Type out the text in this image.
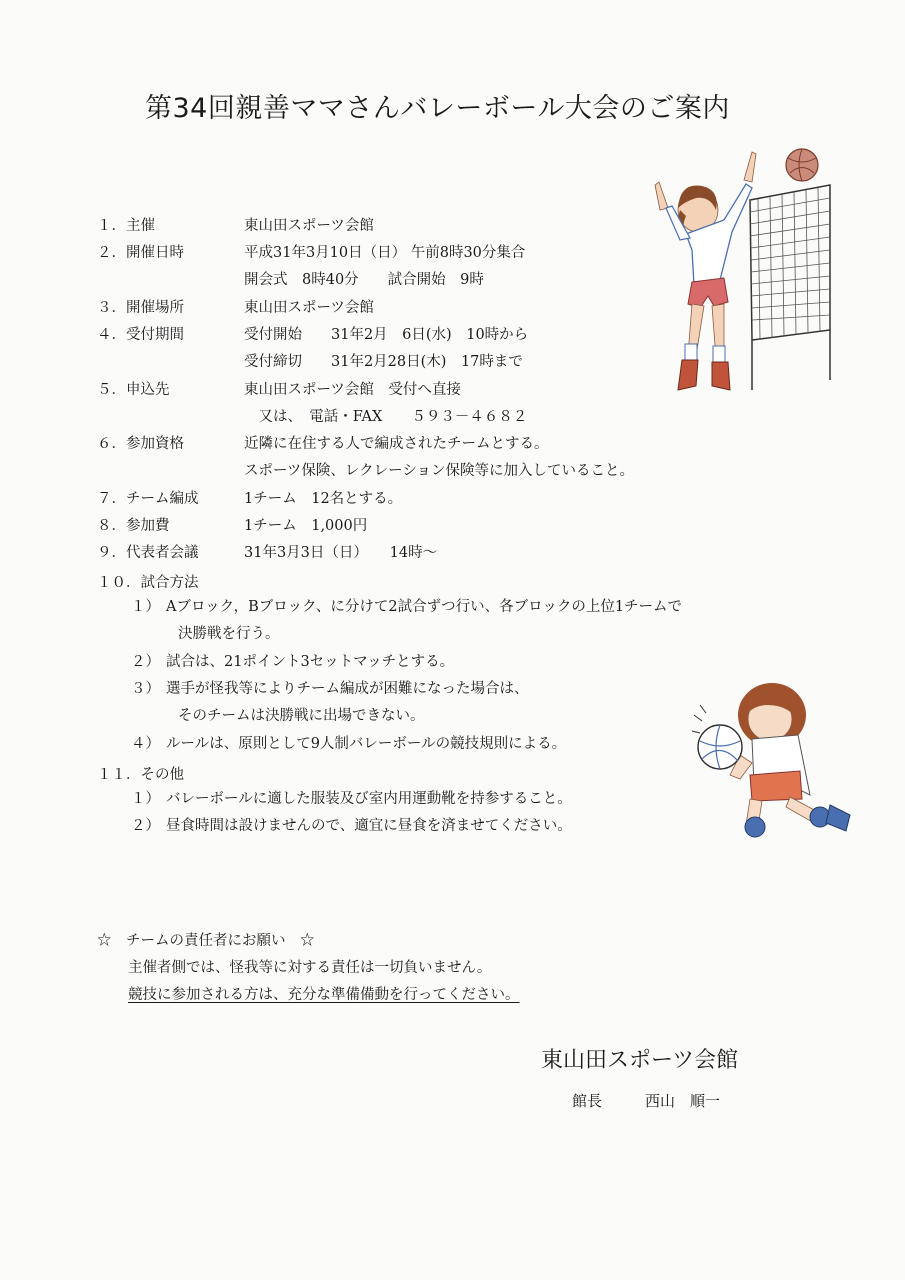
第34回親善ママさんバレーボール大会のご案内
１． 主催	東山田スポーツ会館
２． 開催日時	平成31年3月10日（日） 午前8時30分集合
開会式　8時40分　　試合開始　9時
３． 開催場所	東山田スポーツ会館
４． 受付期間	受付開始　　31年2月　6日(水)　10時から
受付締切　　31年2月28日(木)　17時まで
５． 申込先	東山田スポーツ会館　受付へ直接
　又は、　電話・FAX　　５９３－４６８２
６． 参加資格	近隣に在住する人で編成されたチームとする。
スポーツ保険、レクレーション保険等に加入していること。
７． チーム編成	1チーム　12名とする。
８． 参加費	1チーム　1,000円
９． 代表者会議	31年3月3日（日）　　14時～
１０．試合方法
１） Aブロック，Bブロック、に分けて2試合ずつ行い、各ブロックの上位1チームで
決勝戦を行う。
２） 試合は、21ポイント3セットマッチとする。
３） 選手が怪我等によりチーム編成が困難になった場合は、
そのチームは決勝戦に出場できない。
４） ルールは、原則として9人制バレーボールの競技規則による。
１１．その他
１） バレーボールに適した服装及び室内用運動靴を持参すること。
２） 昼食時間は設けませんので、適宜に昼食を済ませてください。
☆　チームの責任者にお願い　☆
主催者側では、怪我等に対する責任は一切負いません。
競技に参加される方は、充分な準備備動を行ってください。
東山田スポーツ会館
館長	西山　順一
